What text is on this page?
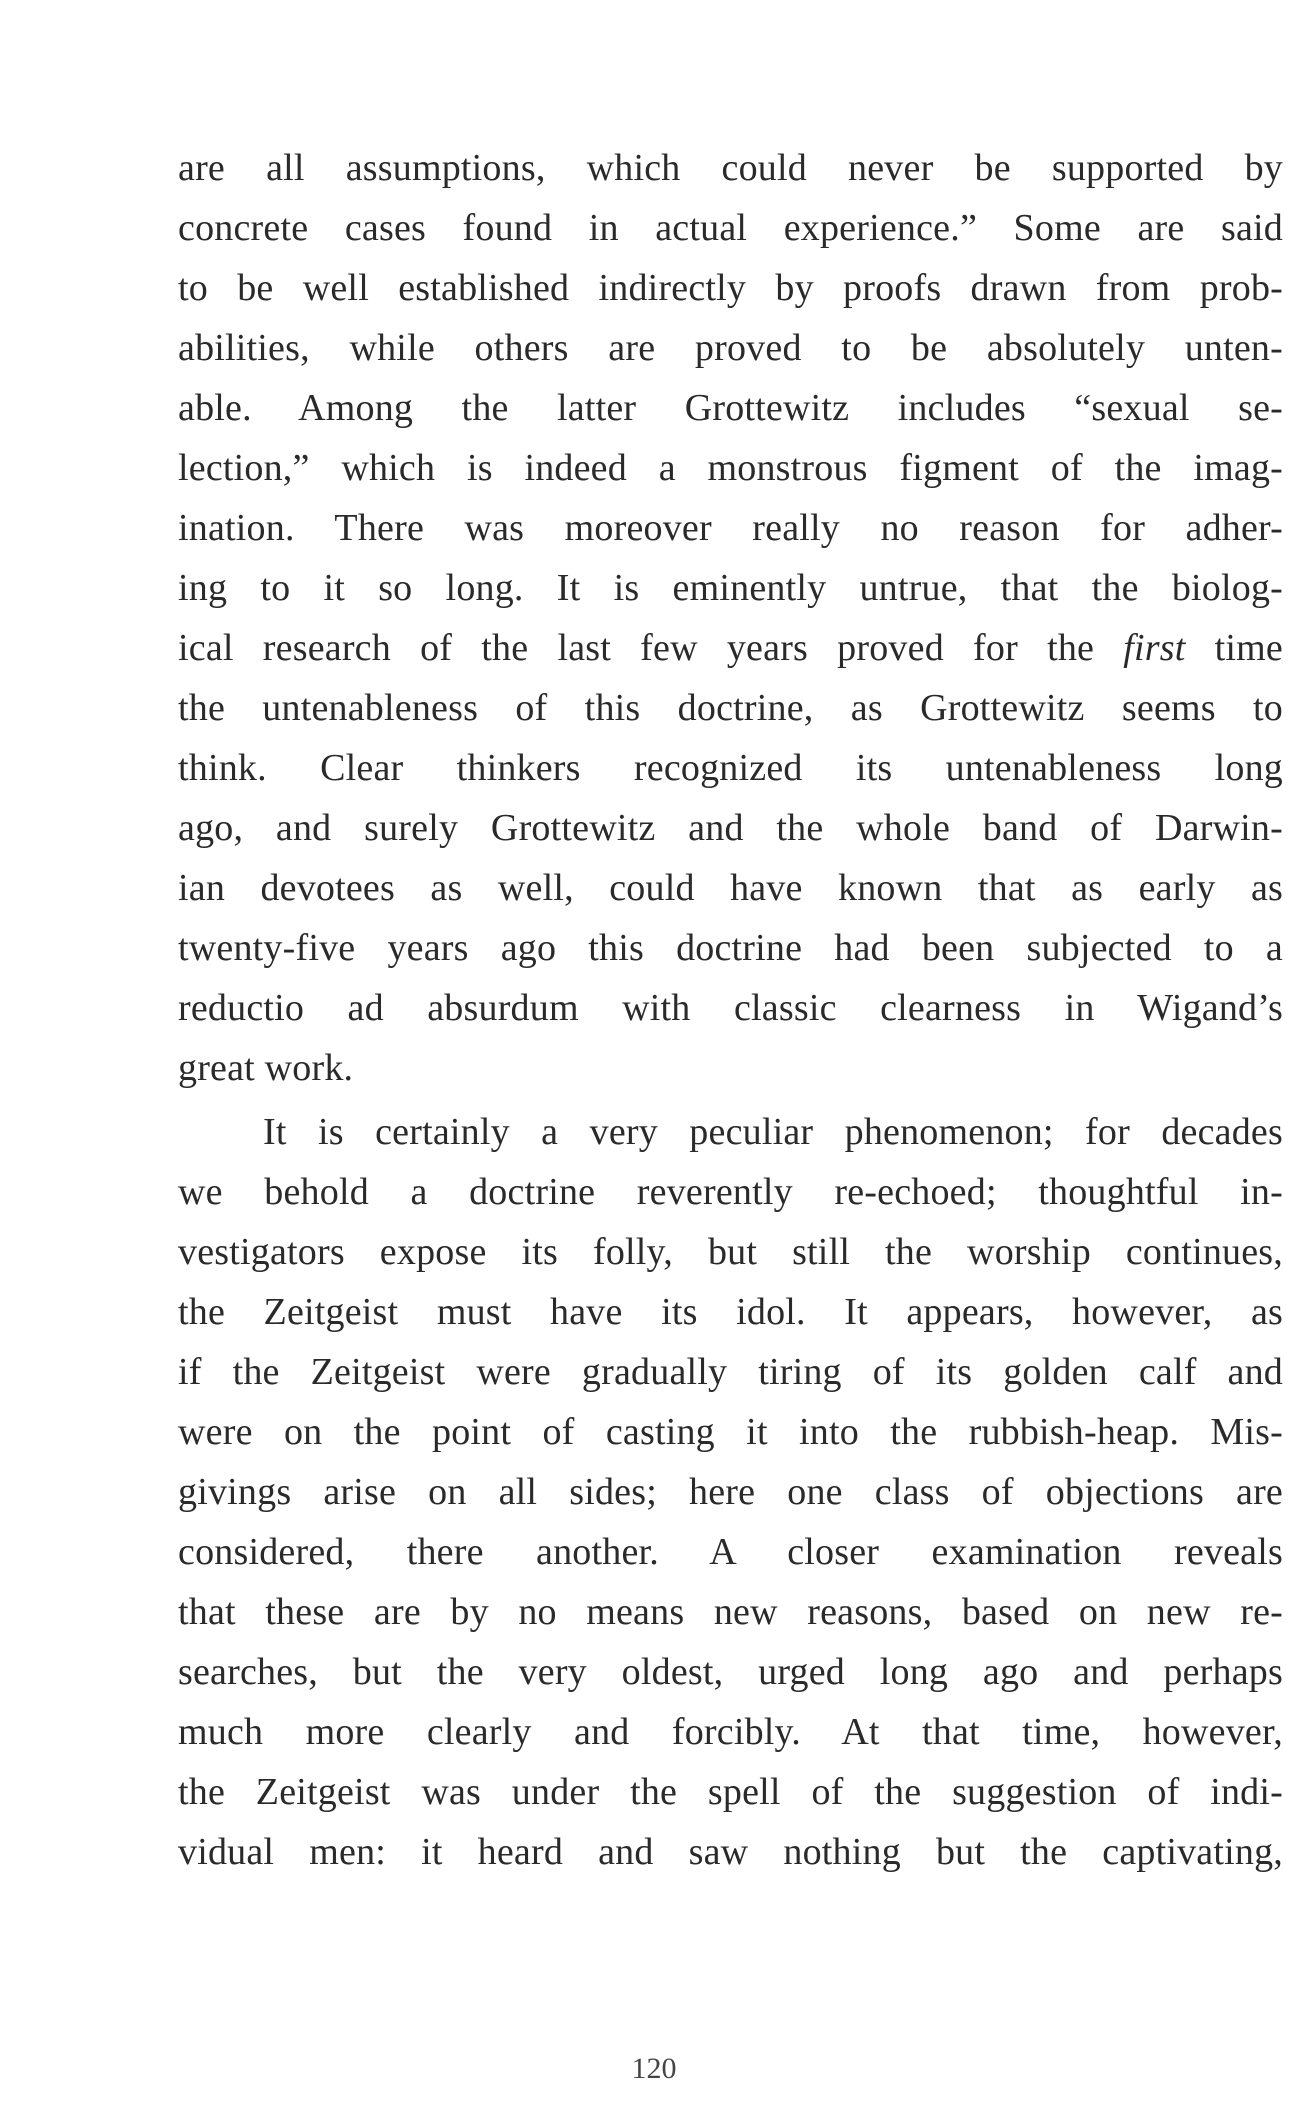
are all assumptions, which could never be supported by
concrete cases found in actual experience.” Some are said
to be well established indirectly by proofs drawn from prob-
abilities, while others are proved to be absolutely unten-
able. Among the latter Grottewitz includes “sexual se-
lection,” which is indeed a monstrous figment of the imag-
ination. There was moreover really no reason for adher-
ing to it so long. It is eminently untrue, that the biolog-
ical research of the last few years proved for the first time
the untenableness of this doctrine, as Grottewitz seems to
think. Clear thinkers recognized its untenableness long
ago, and surely Grottewitz and the whole band of Darwin-
ian devotees as well, could have known that as early as
twenty-five years ago this doctrine had been subjected to a
reductio ad absurdum with classic clearness in Wigand’s
great work.
It is certainly a very peculiar phenomenon; for decades
we behold a doctrine reverently re-echoed; thoughtful in-
vestigators expose its folly, but still the worship continues,
the Zeitgeist must have its idol. It appears, however, as
if the Zeitgeist were gradually tiring of its golden calf and
were on the point of casting it into the rubbish-heap. Mis-
givings arise on all sides; here one class of objections are
considered, there another. A closer examination reveals
that these are by no means new reasons, based on new re-
searches, but the very oldest, urged long ago and perhaps
much more clearly and forcibly. At that time, however,
the Zeitgeist was under the spell of the suggestion of indi-
vidual men: it heard and saw nothing but the captivating,
120
